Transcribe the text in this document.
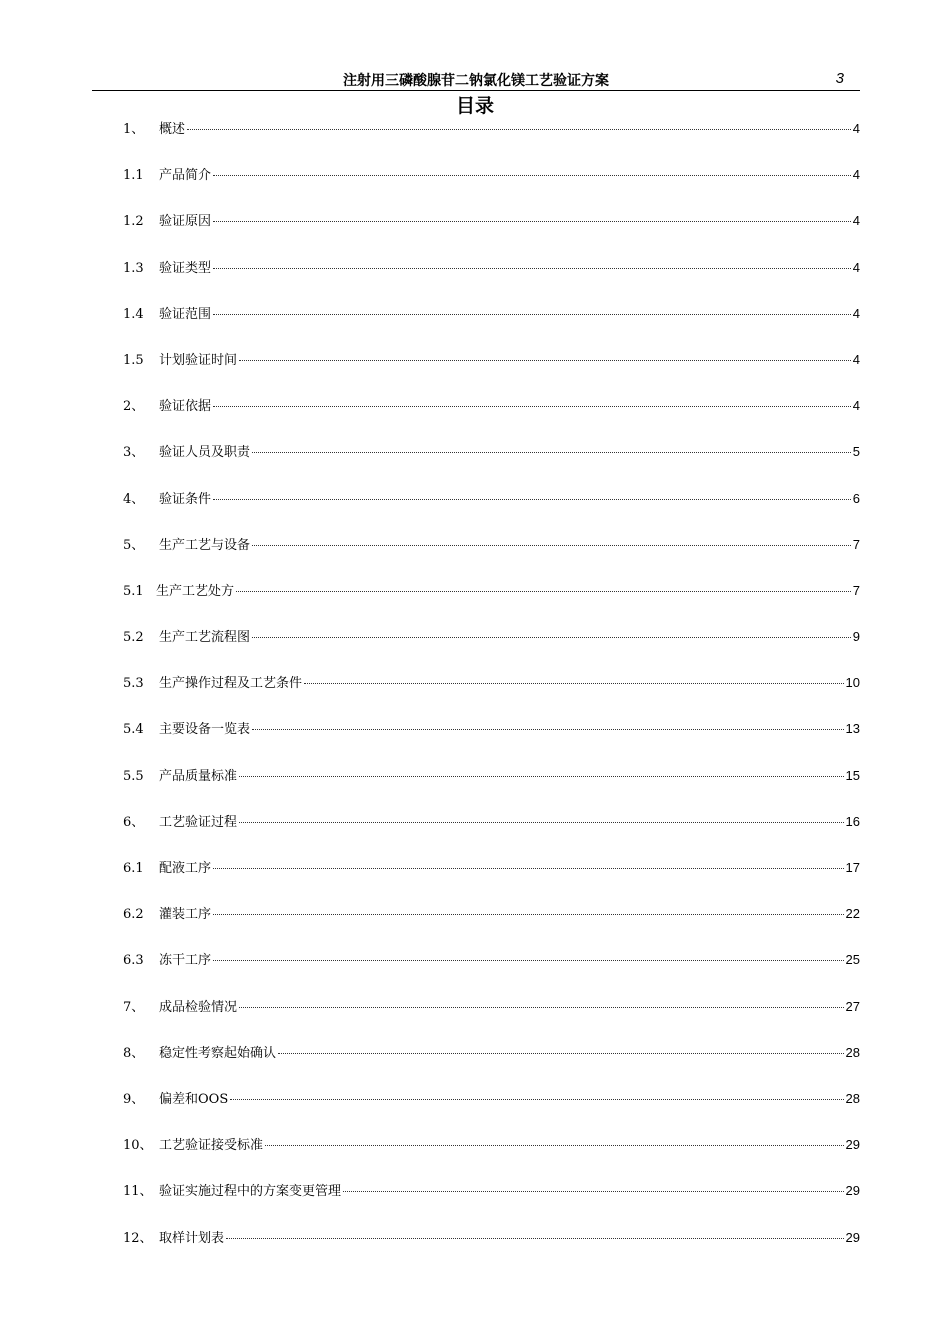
注射用三磷酸腺苷二钠氯化镁工艺验证方案	3
目录
1、	概述	4
1.1	产品简介	4
1.2	验证原因	4
1.3	验证类型	4
1.4	验证范围	4
1.5	计划验证时间	4
2、	验证依据	4
3、	验证人员及职责	5
4、	验证条件	6
5、	生产工艺与设备	7
5.1 生产工艺处方	7
5.2	生产工艺流程图	9
5.3	生产操作过程及工艺条件	10
5.4	主要设备一览表	13
5.5	产品质量标准	15
6、	工艺验证过程	16
6.1	配液工序	17
6.2	灌装工序	22
6.3	冻干工序	25
7、	成品检验情况	27
8、	稳定性考察起始确认	28
9、	偏差和OOS	28
10、 工艺验证接受标准	29
11、 验证实施过程中的方案变更管理	29
12、 取样计划表	29
